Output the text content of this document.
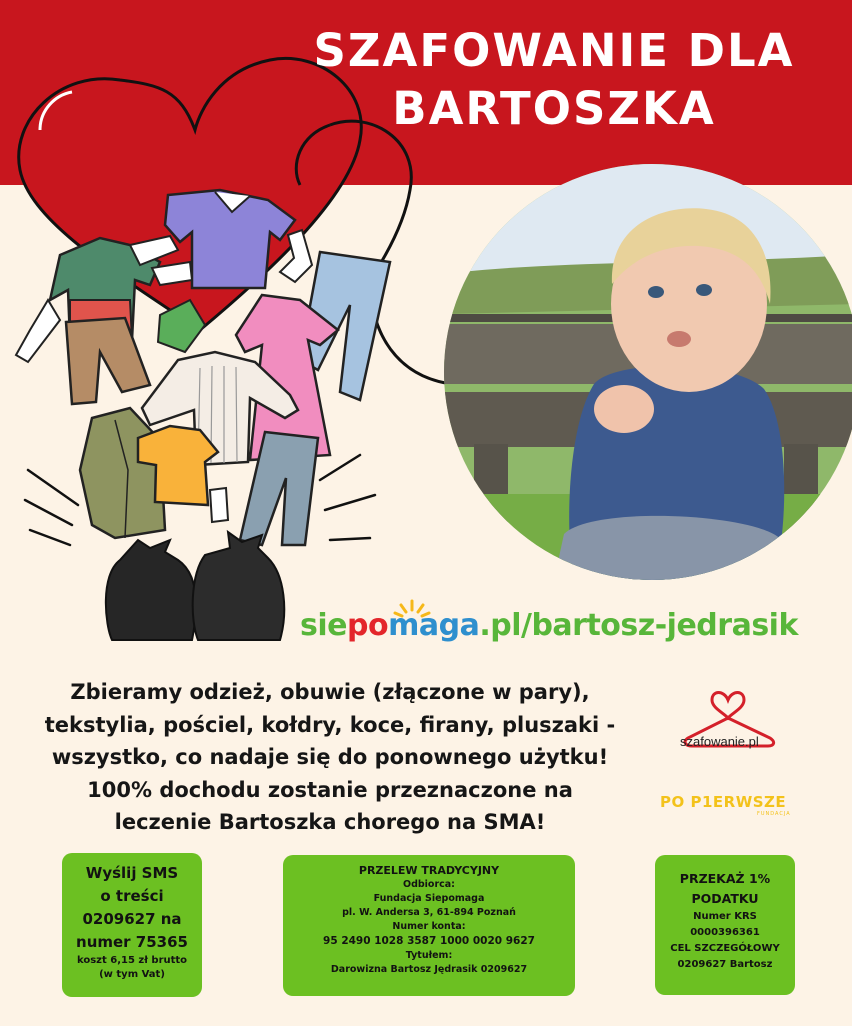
SZAFOWANIE DLA
BARTOSZKA
siepomaga.pl/bartosz-jedrasik
Zbieramy odzież, obuwie (złączone w pary),
tekstylia, pościel, kołdry, koce, firany, pluszaki -
wszystko, co nadaje się do ponownego użytku!
100% dochodu zostanie przeznaczone na
leczenie Bartoszka chorego na SMA!
szafowanie.pl
PO P1ERWSZE
FUNDACJA
Wyślij SMS
o treści
0209627 na
numer 75365
koszt 6,15 zł brutto
(w tym Vat)
PRZELEW TRADYCYJNY
Odbiorca:
Fundacja Siepomaga
pl. W. Andersa 3, 61-894 Poznań
Numer konta:
95 2490 1028 3587 1000 0020 9627
Tytułem:
Darowizna Bartosz Jędrasik 0209627
PRZEKAŻ 1%
PODATKU
Numer KRS
0000396361
CEL SZCZEGÓŁOWY
0209627 Bartosz
